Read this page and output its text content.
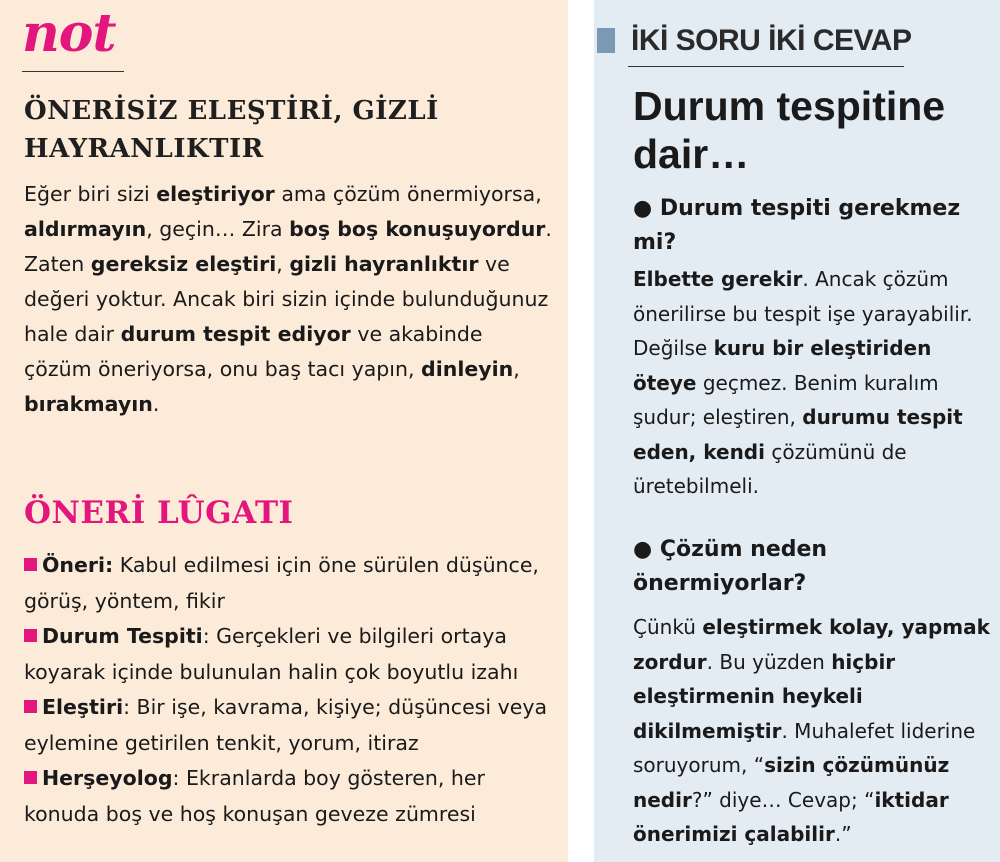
not
ÖNERİSİZ ELEŞTİRİ, GİZLİ HAYRANLIKTIR

Eğer biri sizi eleştiriyor ama çözüm önermiyorsa, aldırmayın, geçin… Zira boş boş konuşuyordur. Zaten gereksiz eleştiri, gizli hayranlıktır ve değeri yoktur. Ancak biri sizin içinde bulunduğunuz hale dair durum tespit ediyor ve akabinde çözüm öneriyorsa, onu baş tacı yapın, dinleyin, bırakmayın.

ÖNERİ LÛGATI
Öneri: Kabul edilmesi için öne sürülen düşünce, görüş, yöntem, fikir
Durum Tespiti: Gerçekleri ve bilgileri ortaya koyarak içinde bulunulan halin çok boyutlu izahı
Eleştiri: Bir işe, kavrama, kişiye; düşüncesi veya eylemine getirilen tenkit, yorum, itiraz
Herşeyolog: Ekranlarda boy gösteren, her konuda boş ve hoş konuşan geveze zümresi
İKİ SORU İKİ CEVAP
Durum tespitine dair…

● Durum tespiti gerekmez mi?

Elbette gerekir. Ancak çözüm önerilirse bu tespit işe yarayabilir. Değilse kuru bir eleştiriden öteye geçmez. Benim kuralım şudur; eleştiren, durumu tespit eden, kendi çözümünü de üretebilmeli.

● Çözüm neden önermiyorlar?

Çünkü eleştirmek kolay, yapmak zordur. Bu yüzden hiçbir eleştirmenin heykeli dikilmemiştir. Muhalefet liderine soruyorum, “sizin çözümünüz nedir?” diye… Cevap; “iktidar önerimizi çalabilir.”
